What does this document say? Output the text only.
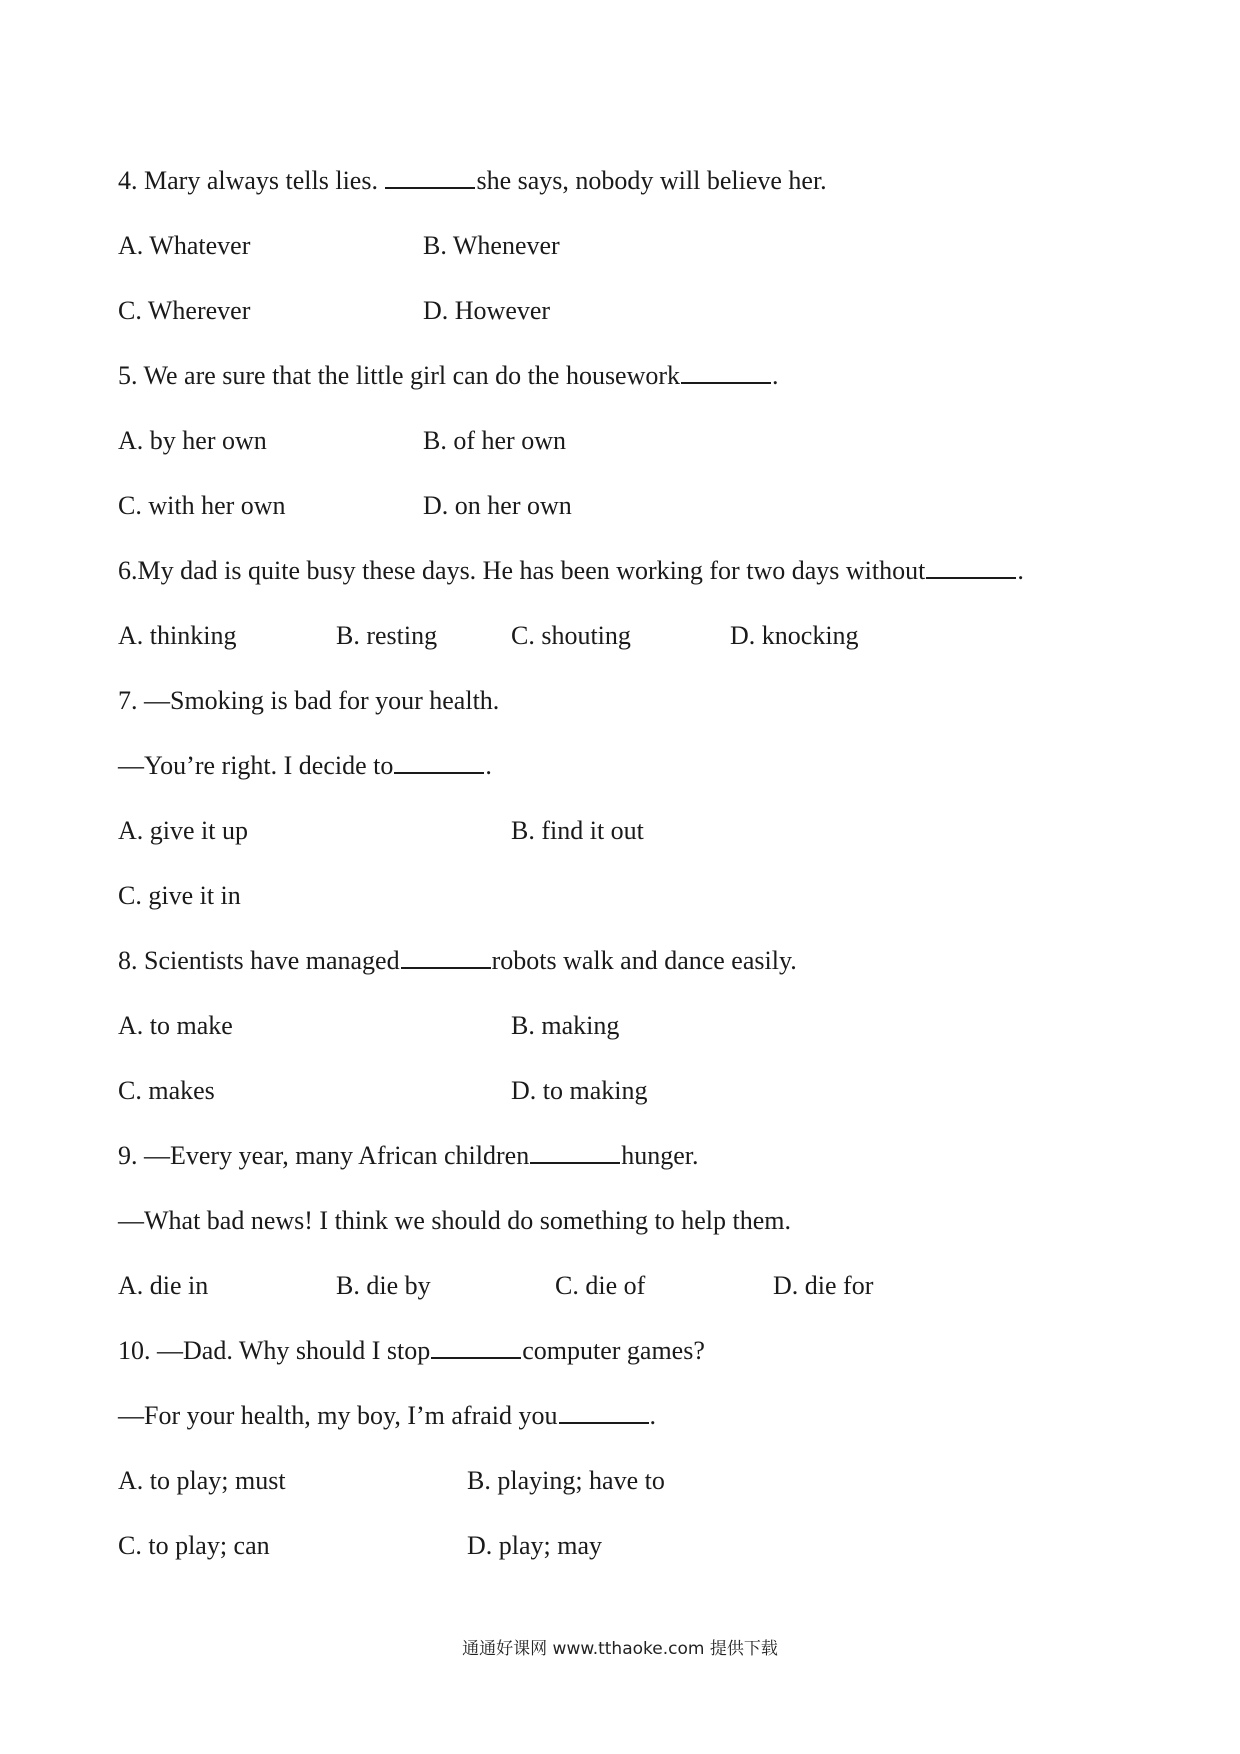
4. Mary always tells lies.	she says, nobody will believe her.
A. Whatever	B. Whenever
C. Wherever	D. However
5. We are sure that the little girl can do the housework	.
A. by her own	B. of her own
C. with her own	D. on her own
6.My dad is quite busy these days. He has been working for two days without	.
A. thinking	B. resting	C. shouting	D. knocking
7. —Smoking is bad for your health.
—You’re right. I decide to	.
A. give it up	B. find it out
C. give it in
8. Scientists have managed	robots walk and dance easily.
A. to make	B. making
C. makes	D. to making
9. —Every year, many African children	hunger.
—What bad news! I think we should do something to help them.
A. die in	B. die by	C. die of	D. die for
10. —Dad. Why should I stop	computer games?
—For your health, my boy, I’m afraid you	.
A. to play; must	B. playing; have to
C. to play; can	D. play; may
通通好课网 www.tthaoke.com 提供下载
